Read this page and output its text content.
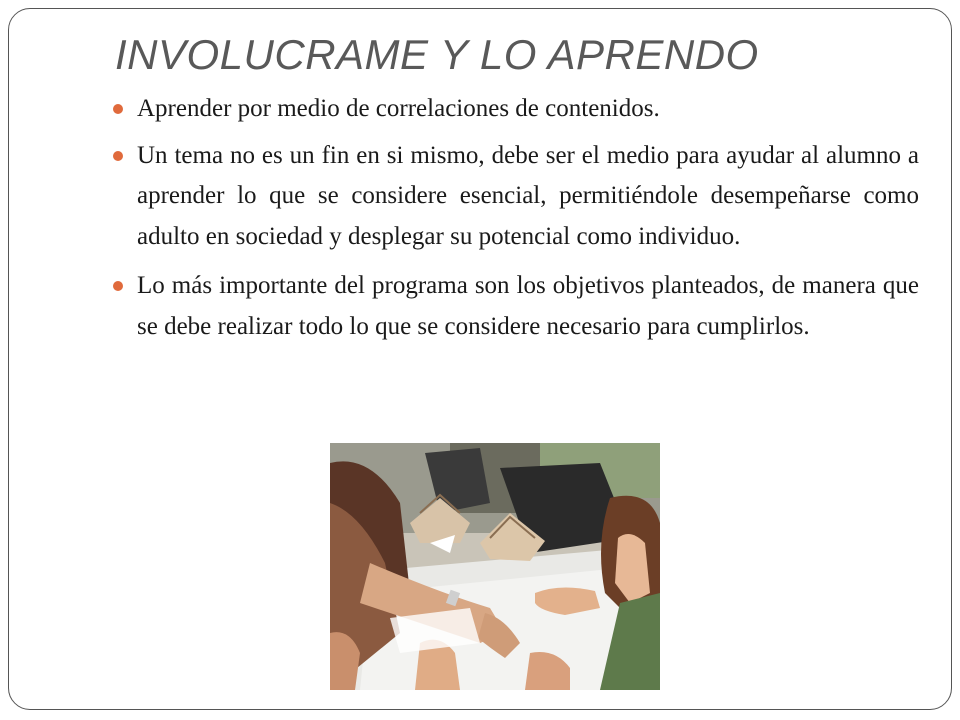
INVOLUCRAME Y LO APRENDO
Aprender por medio de correlaciones de contenidos.
Un tema no es un fin en si mismo, debe ser el medio para ayudar al alumno a aprender lo que se considere esencial, permitiéndole desempeñarse como adulto en sociedad y desplegar su potencial como individuo.
Lo más importante del programa son los objetivos planteados, de manera que se debe realizar todo lo que se considere necesario para cumplirlos.
